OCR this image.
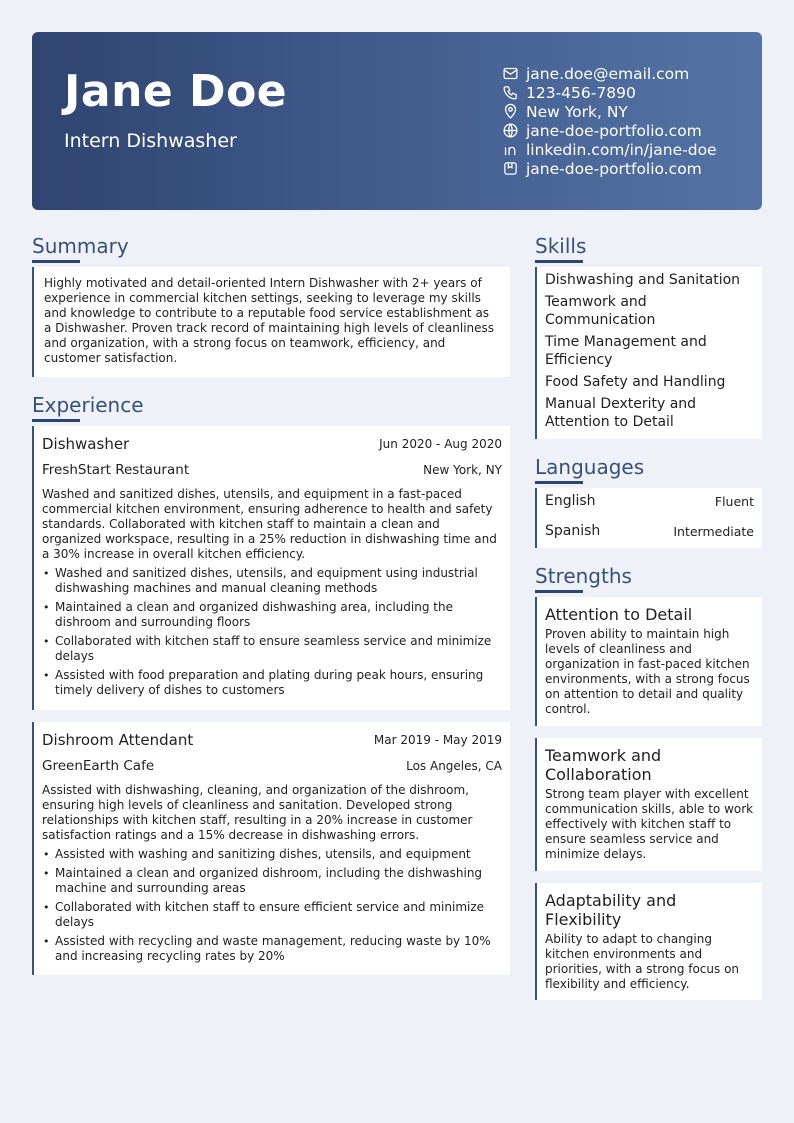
Jane Doe
Intern Dishwasher
jane.doe@email.com
123-456-7890
New York, NY
jane-doe-portfolio.com
linkedin.com/in/jane-doe
jane-doe-portfolio.com
Summary
Highly motivated and detail-oriented Intern Dishwasher with 2+ years of experience in commercial kitchen settings, seeking to leverage my skills and knowledge to contribute to a reputable food service establishment as a Dishwasher. Proven track record of maintaining high levels of cleanliness and organization, with a strong focus on teamwork, efficiency, and customer satisfaction.
Experience
Dishwasher	Jun 2020 - Aug 2020
FreshStart Restaurant	New York, NY
Washed and sanitized dishes, utensils, and equipment in a fast-paced commercial kitchen environment, ensuring adherence to health and safety standards. Collaborated with kitchen staff to maintain a clean and organized workspace, resulting in a 25% reduction in dishwashing time and a 30% increase in overall kitchen efficiency.
• Washed and sanitized dishes, utensils, and equipment using industrial dishwashing machines and manual cleaning methods
• Maintained a clean and organized dishwashing area, including the dishroom and surrounding floors
• Collaborated with kitchen staff to ensure seamless service and minimize delays
• Assisted with food preparation and plating during peak hours, ensuring timely delivery of dishes to customers
Dishroom Attendant	Mar 2019 - May 2019
GreenEarth Cafe	Los Angeles, CA
Assisted with dishwashing, cleaning, and organization of the dishroom, ensuring high levels of cleanliness and sanitation. Developed strong relationships with kitchen staff, resulting in a 20% increase in customer satisfaction ratings and a 15% decrease in dishwashing errors.
• Assisted with washing and sanitizing dishes, utensils, and equipment
• Maintained a clean and organized dishroom, including the dishwashing machine and surrounding areas
• Collaborated with kitchen staff to ensure efficient service and minimize delays
• Assisted with recycling and waste management, reducing waste by 10% and increasing recycling rates by 20%
Skills
Dishwashing and Sanitation
Teamwork and Communication
Time Management and Efficiency
Food Safety and Handling
Manual Dexterity and Attention to Detail
Languages
English	Fluent
Spanish	Intermediate
Strengths
Attention to Detail
Proven ability to maintain high levels of cleanliness and organization in fast-paced kitchen environments, with a strong focus on attention to detail and quality control.
Teamwork and Collaboration
Strong team player with excellent communication skills, able to work effectively with kitchen staff to ensure seamless service and minimize delays.
Adaptability and Flexibility
Ability to adapt to changing kitchen environments and priorities, with a strong focus on flexibility and efficiency.
